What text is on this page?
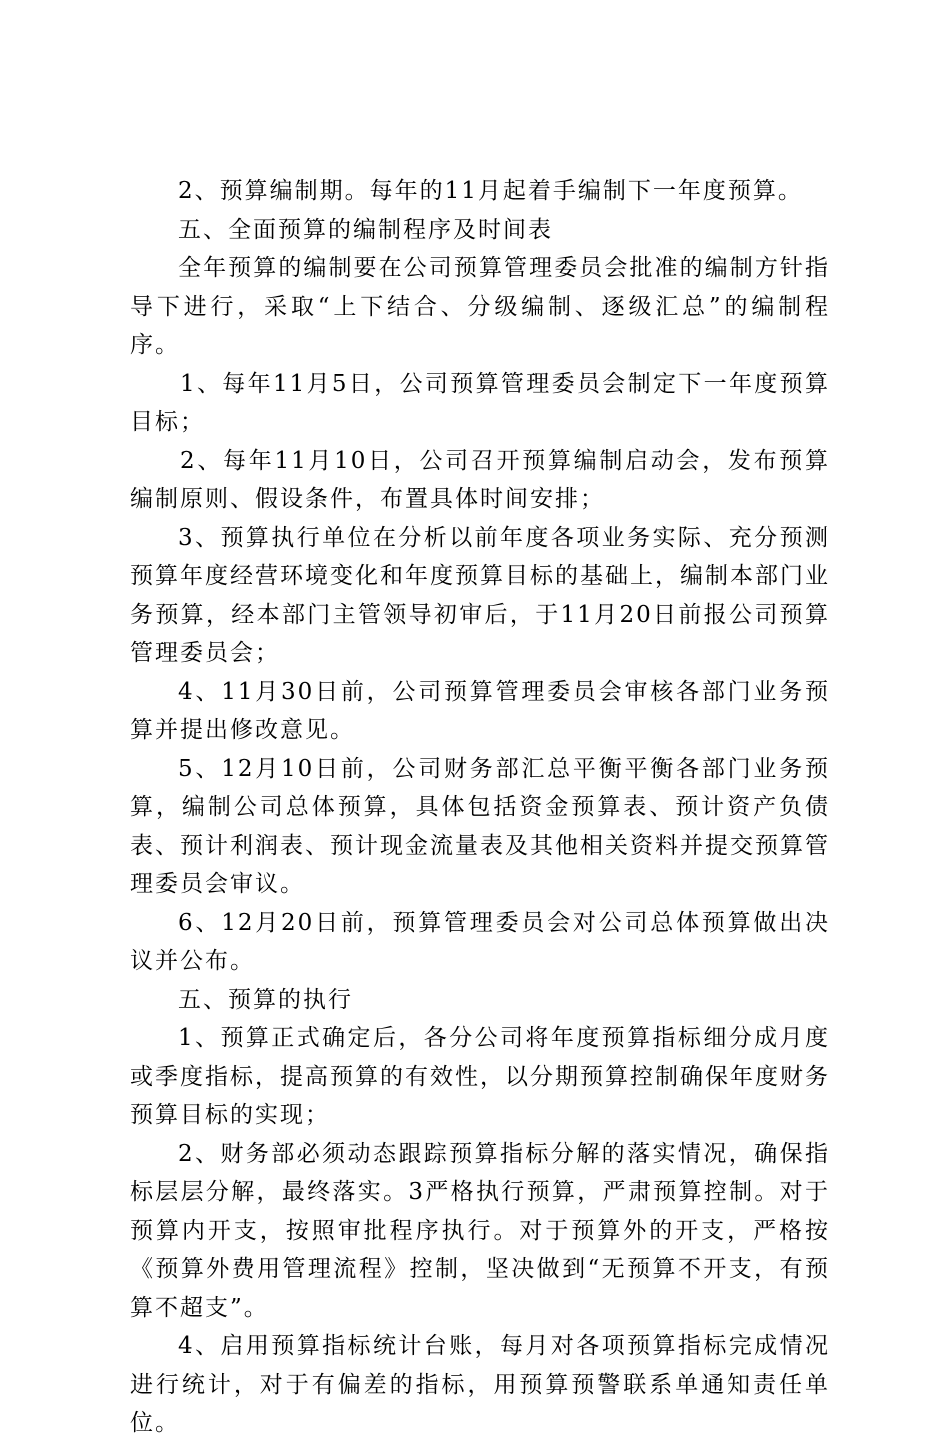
2、预算编制期。每年的11月起着手编制下一年度预算。

五、全面预算的编制程序及时间表

全年预算的编制要在公司预算管理委员会批准的编制方针指导下进行，采取“上下结合、分级编制、逐级汇总”的编制程序。

1、每年11月5日，公司预算管理委员会制定下一年度预算目标；

2、每年11月10日，公司召开预算编制启动会，发布预算编制原则、假设条件，布置具体时间安排；

3、预算执行单位在分析以前年度各项业务实际、充分预测预算年度经营环境变化和年度预算目标的基础上，编制本部门业务预算，经本部门主管领导初审后，于11月20日前报公司预算管理委员会；

4、11月30日前，公司预算管理委员会审核各部门业务预算并提出修改意见。

5、12月10日前，公司财务部汇总平衡平衡各部门业务预算，编制公司总体预算，具体包括资金预算表、预计资产负债表、预计利润表、预计现金流量表及其他相关资料并提交预算管理委员会审议。

6、12月20日前，预算管理委员会对公司总体预算做出决议并公布。

五、预算的执行

1、预算正式确定后，各分公司将年度预算指标细分成月度或季度指标，提高预算的有效性，以分期预算控制确保年度财务预算目标的实现；

2、财务部必须动态跟踪预算指标分解的落实情况，确保指标层层分解，最终落实。3严格执行预算，严肃预算控制。对于预算内开支，按照审批程序执行。对于预算外的开支，严格按《预算外费用管理流程》控制，坚决做到“无预算不开支，有预算不超支”。

4、启用预算指标统计台账，每月对各项预算指标完成情况进行统计，对于有偏差的指标，用预算预警联系单通知责任单位。
